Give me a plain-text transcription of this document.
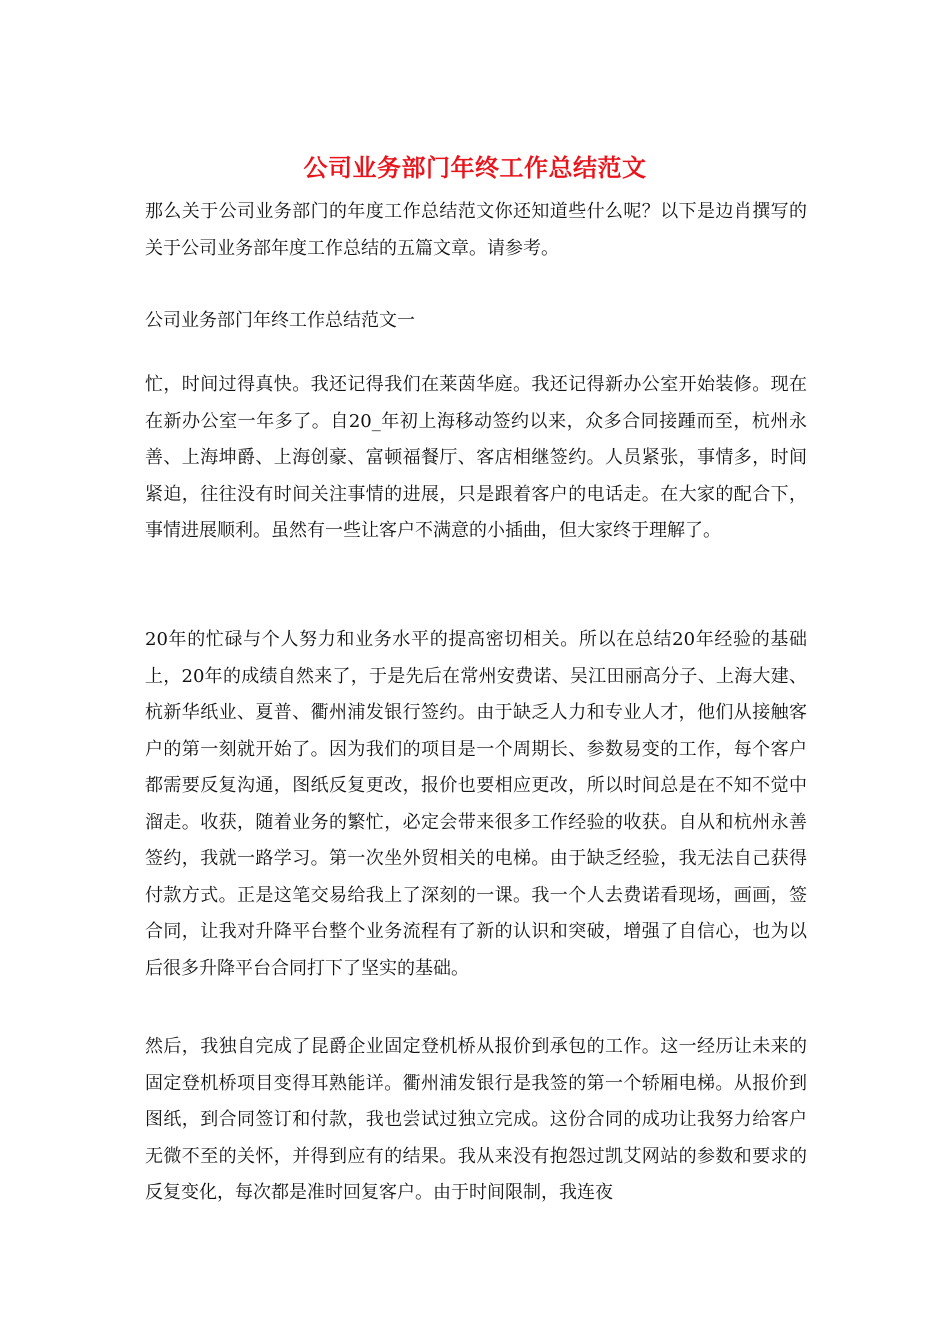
公司业务部门年终工作总结范文

那么关于公司业务部门的年度工作总结范文你还知道些什么呢？以下是边肖撰写的关于公司业务部年度工作总结的五篇文章。请参考。

公司业务部门年终工作总结范文一

忙，时间过得真快。我还记得我们在莱茵华庭。我还记得新办公室开始装修。现在在新办公室一年多了。自20_年初上海移动签约以来，众多合同接踵而至，杭州永善、上海坤爵、上海创豪、富顿福餐厅、客店相继签约。人员紧张，事情多，时间紧迫，往往没有时间关注事情的进展，只是跟着客户的电话走。在大家的配合下，事情进展顺利。虽然有一些让客户不满意的小插曲，但大家终于理解了。

20年的忙碌与个人努力和业务水平的提高密切相关。所以在总结20年经验的基础上，20年的成绩自然来了，于是先后在常州安费诺、吴江田丽高分子、上海大建、杭新华纸业、夏普、衢州浦发银行签约。由于缺乏人力和专业人才，他们从接触客户的第一刻就开始了。因为我们的项目是一个周期长、参数易变的工作，每个客户都需要反复沟通，图纸反复更改，报价也要相应更改，所以时间总是在不知不觉中溜走。收获，随着业务的繁忙，必定会带来很多工作经验的收获。自从和杭州永善签约，我就一路学习。第一次坐外贸相关的电梯。由于缺乏经验，我无法自己获得付款方式。正是这笔交易给我上了深刻的一课。我一个人去费诺看现场，画画，签合同，让我对升降平台整个业务流程有了新的认识和突破，增强了自信心，也为以后很多升降平台合同打下了坚实的基础。

然后，我独自完成了昆爵企业固定登机桥从报价到承包的工作。这一经历让未来的固定登机桥项目变得耳熟能详。衢州浦发银行是我签的第一个轿厢电梯。从报价到图纸，到合同签订和付款，我也尝试过独立完成。这份合同的成功让我努力给客户无微不至的关怀，并得到应有的结果。我从来没有抱怨过凯艾网站的参数和要求的反复变化，每次都是准时回复客户。由于时间限制，我连夜
